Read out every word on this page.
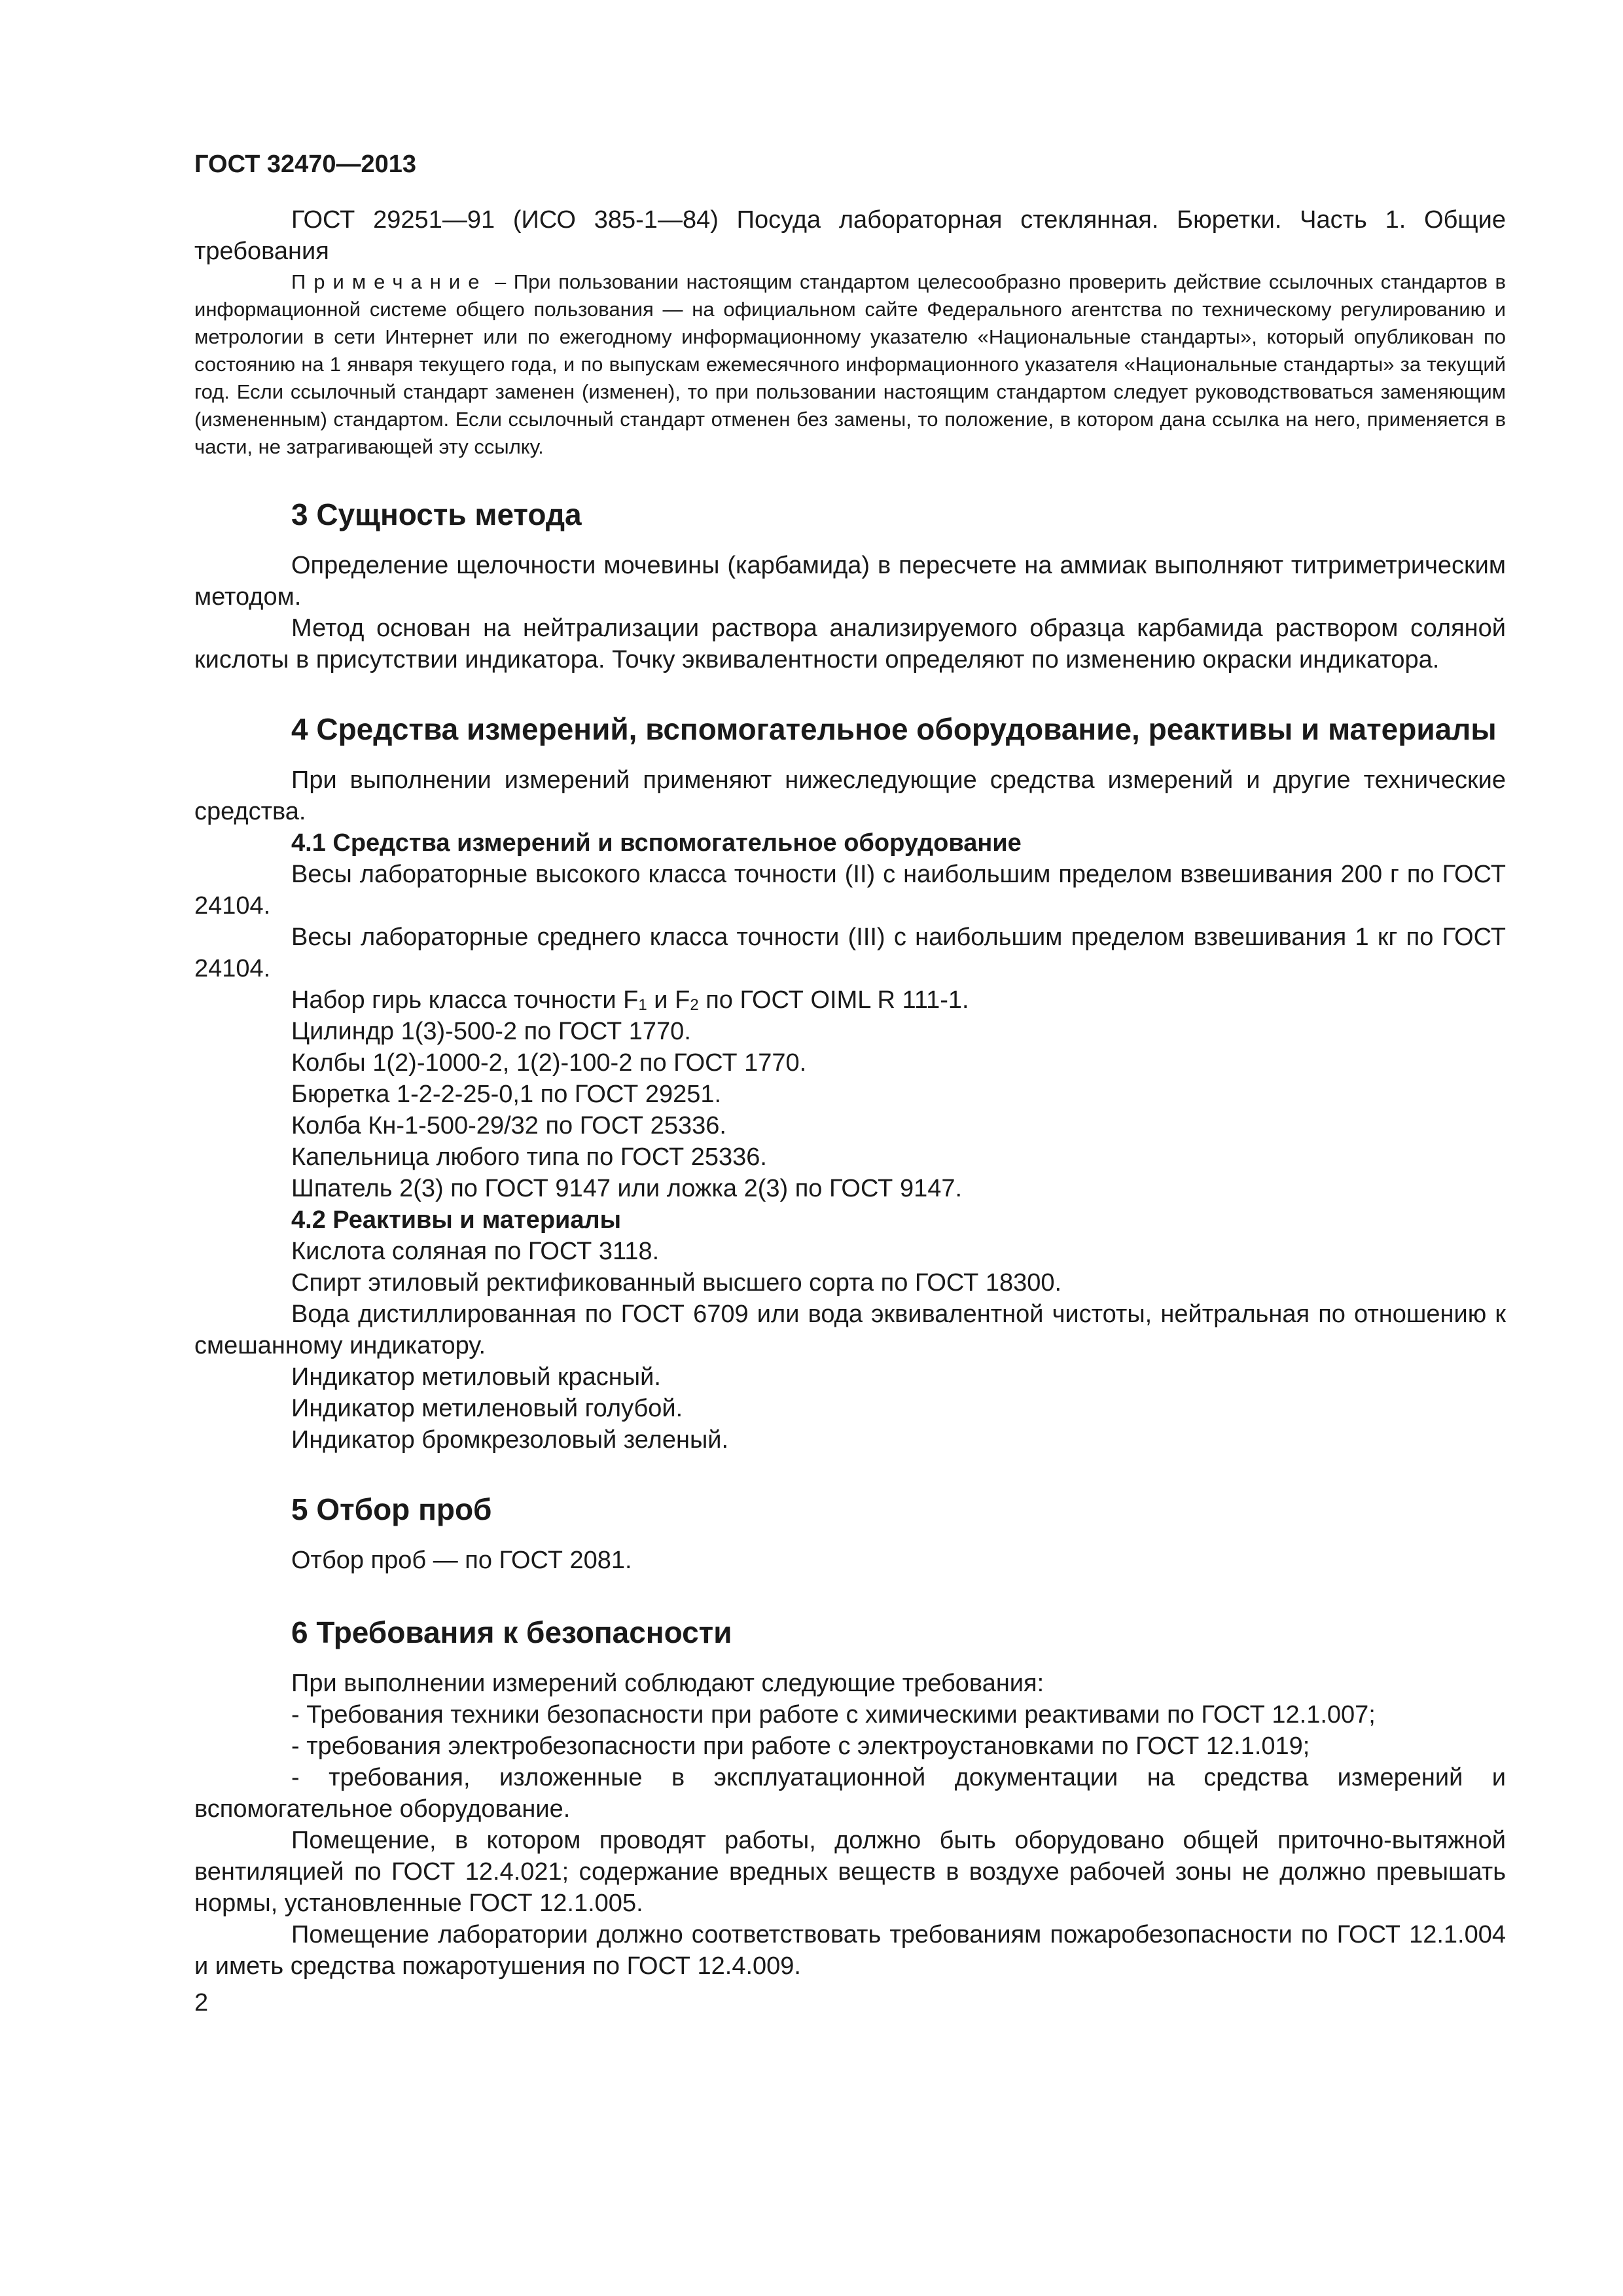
ГОСТ 32470—2013

ГОСТ 29251—91 (ИСО 385-1—84) Посуда лабораторная стеклянная. Бюретки. Часть 1. Общие требования

Примечание – При пользовании настоящим стандартом целесообразно проверить действие ссылочных стандартов в информационной системе общего пользования — на официальном сайте Федерального агентства по техническому регулированию и метрологии в сети Интернет или по ежегодному информационному указателю «Национальные стандарты», который опубликован по состоянию на 1 января текущего года, и по выпускам ежемесячного информационного указателя «Национальные стандарты» за текущий год. Если ссылочный стандарт заменен (изменен), то при пользовании настоящим стандартом следует руководствоваться заменяющим (измененным) стандартом. Если ссылочный стандарт отменен без замены, то положение, в котором дана ссылка на него, применяется в части, не затрагивающей эту ссылку.

3 Сущность метода

Определение щелочности мочевины (карбамида) в пересчете на аммиак выполняют титриметрическим методом.

Метод основан на нейтрализации раствора анализируемого образца карбамида раствором соляной кислоты в присутствии индикатора. Точку эквивалентности определяют по изменению окраски индикатора.

4 Средства измерений, вспомогательное оборудование, реактивы и материалы

При выполнении измерений применяют нижеследующие средства измерений и другие технические средства.

4.1 Средства измерений и вспомогательное оборудование

Весы лабораторные высокого класса точности (II) с наибольшим пределом взвешивания 200 г по ГОСТ 24104.

Весы лабораторные среднего класса точности (III) с наибольшим пределом взвешивания 1 кг по ГОСТ 24104.

Набор гирь класса точности $F_1$ и $F_2$ по ГОСТ OIML R 111-1.

Цилиндр 1(3)-500-2 по ГОСТ 1770.

Колбы 1(2)-1000-2, 1(2)-100-2 по ГОСТ 1770.

Бюретка 1-2-2-25-0,1 по ГОСТ 29251.

Колба Кн-1-500-29/32 по ГОСТ 25336.

Капельница любого типа по ГОСТ 25336.

Шпатель 2(3) по ГОСТ 9147 или ложка 2(3) по ГОСТ 9147.

4.2 Реактивы и материалы

Кислота соляная по ГОСТ 3118.

Спирт этиловый ректификованный высшего сорта по ГОСТ 18300.

Вода дистиллированная по ГОСТ 6709 или вода эквивалентной чистоты, нейтральная по отношению к смешанному индикатору.

Индикатор метиловый красный.

Индикатор метиленовый голубой.

Индикатор бромкрезоловый зеленый.

5 Отбор проб

Отбор проб — по ГОСТ 2081.

6 Требования к безопасности

При выполнении измерений соблюдают следующие требования:

- Требования техники безопасности при работе с химическими реактивами по ГОСТ 12.1.007;

- требования электробезопасности при работе с электроустановками по ГОСТ 12.1.019;

- требования, изложенные в эксплуатационной документации на средства измерений и вспомогательное оборудование.

Помещение, в котором проводят работы, должно быть оборудовано общей приточно-вытяжной вентиляцией по ГОСТ 12.4.021; содержание вредных веществ в воздухе рабочей зоны не должно превышать нормы, установленные ГОСТ 12.1.005.

Помещение лаборатории должно соответствовать требованиям пожаробезопасности по ГОСТ 12.1.004 и иметь средства пожаротушения по ГОСТ 12.4.009.

2
